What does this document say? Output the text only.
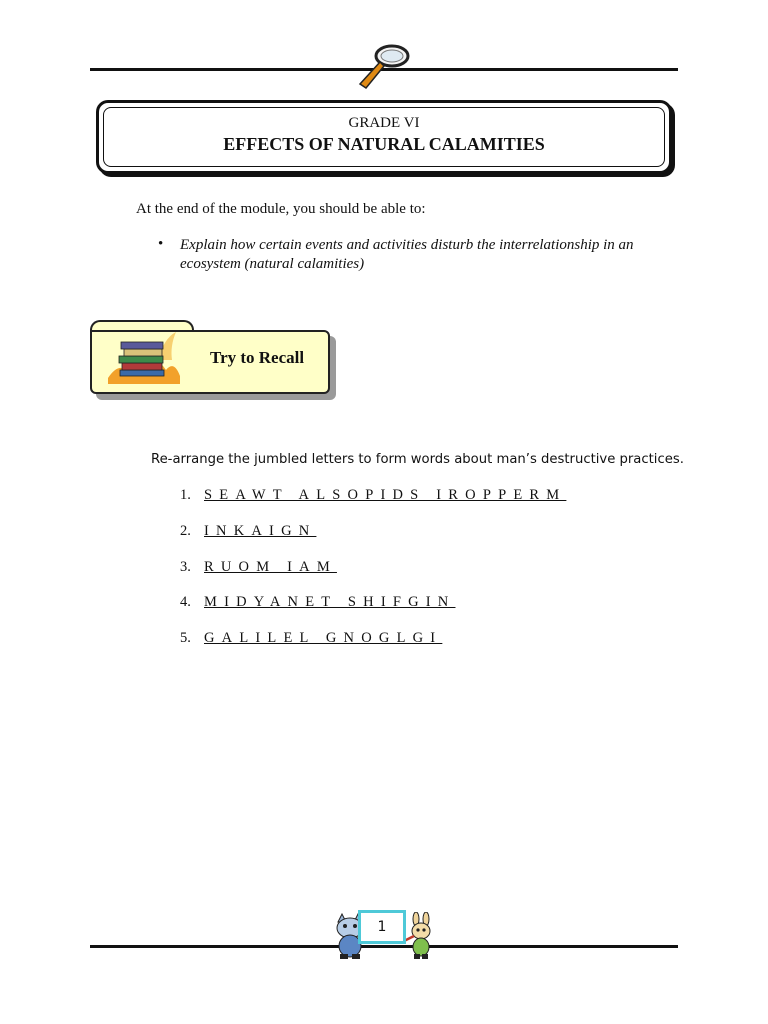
GRADE VI
EFFECTS OF NATURAL CALAMITIES
At the end of the module, you should be able to:
• Explain how certain events and activities disturb the interrelationship in an ecosystem (natural calamities)
Try to Recall
Re-arrange the jumbled letters to form words about man’s destructive practices.
1. SEAWT ALSOPIDS IROPPERM
2. INKAIGN
3. RUOM IAM
4. MIDYANET SHIFGIN
5. GALILEL GNOGLGI
1
